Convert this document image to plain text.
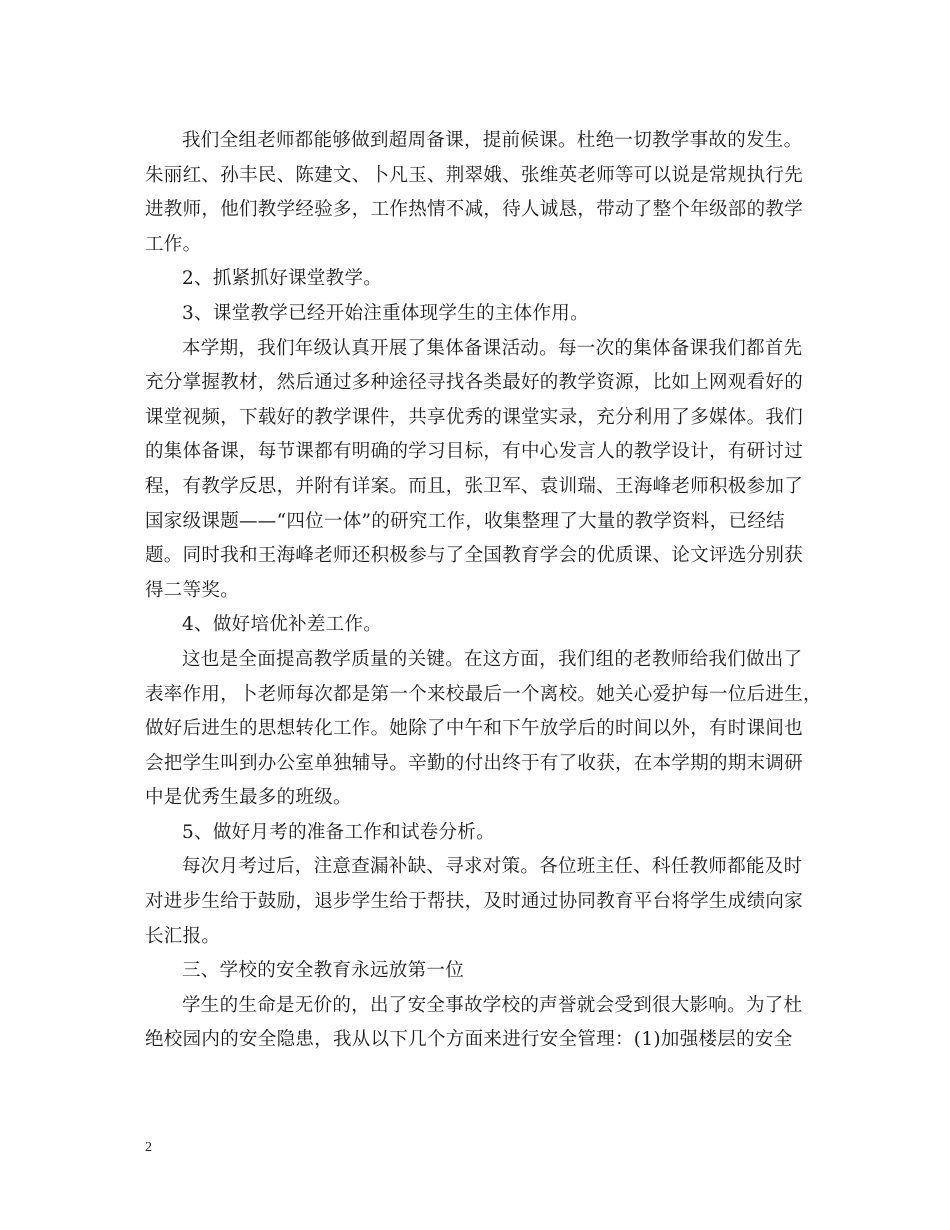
我们全组老师都能够做到超周备课，提前候课。杜绝一切教学事故的发生。
朱丽红、孙丰民、陈建文、卜凡玉、荆翠娥、张维英老师等可以说是常规执行先
进教师，他们教学经验多，工作热情不减，待人诚恳，带动了整个年级部的教学
工作。

2、抓紧抓好课堂教学。

3、课堂教学已经开始注重体现学生的主体作用。

本学期，我们年级认真开展了集体备课活动。每一次的集体备课我们都首先
充分掌握教材，然后通过多种途径寻找各类最好的教学资源，比如上网观看好的
课堂视频，下载好的教学课件，共享优秀的课堂实录，充分利用了多媒体。我们
的集体备课，每节课都有明确的学习目标，有中心发言人的教学设计，有研讨过
程，有教学反思，并附有详案。而且，张卫军、袁训瑞、王海峰老师积极参加了
国家级课题——“四位一体”的研究工作，收集整理了大量的教学资料，已经结
题。同时我和王海峰老师还积极参与了全国教育学会的优质课、论文评选分别获
得二等奖。

4、做好培优补差工作。

这也是全面提高教学质量的关键。在这方面，我们组的老教师给我们做出了
表率作用，卜老师每次都是第一个来校最后一个离校。她关心爱护每一位后进生，
做好后进生的思想转化工作。她除了中午和下午放学后的时间以外，有时课间也
会把学生叫到办公室单独辅导。辛勤的付出终于有了收获，在本学期的期末调研
中是优秀生最多的班级。

5、做好月考的准备工作和试卷分析。

每次月考过后，注意查漏补缺、寻求对策。各位班主任、科任教师都能及时
对进步生给于鼓励，退步学生给于帮扶，及时通过协同教育平台将学生成绩向家
长汇报。

三、学校的安全教育永远放第一位

学生的生命是无价的，出了安全事故学校的声誉就会受到很大影响。为了杜
绝校园内的安全隐患，我从以下几个方面来进行安全管理：(1)加强楼层的安全

2
